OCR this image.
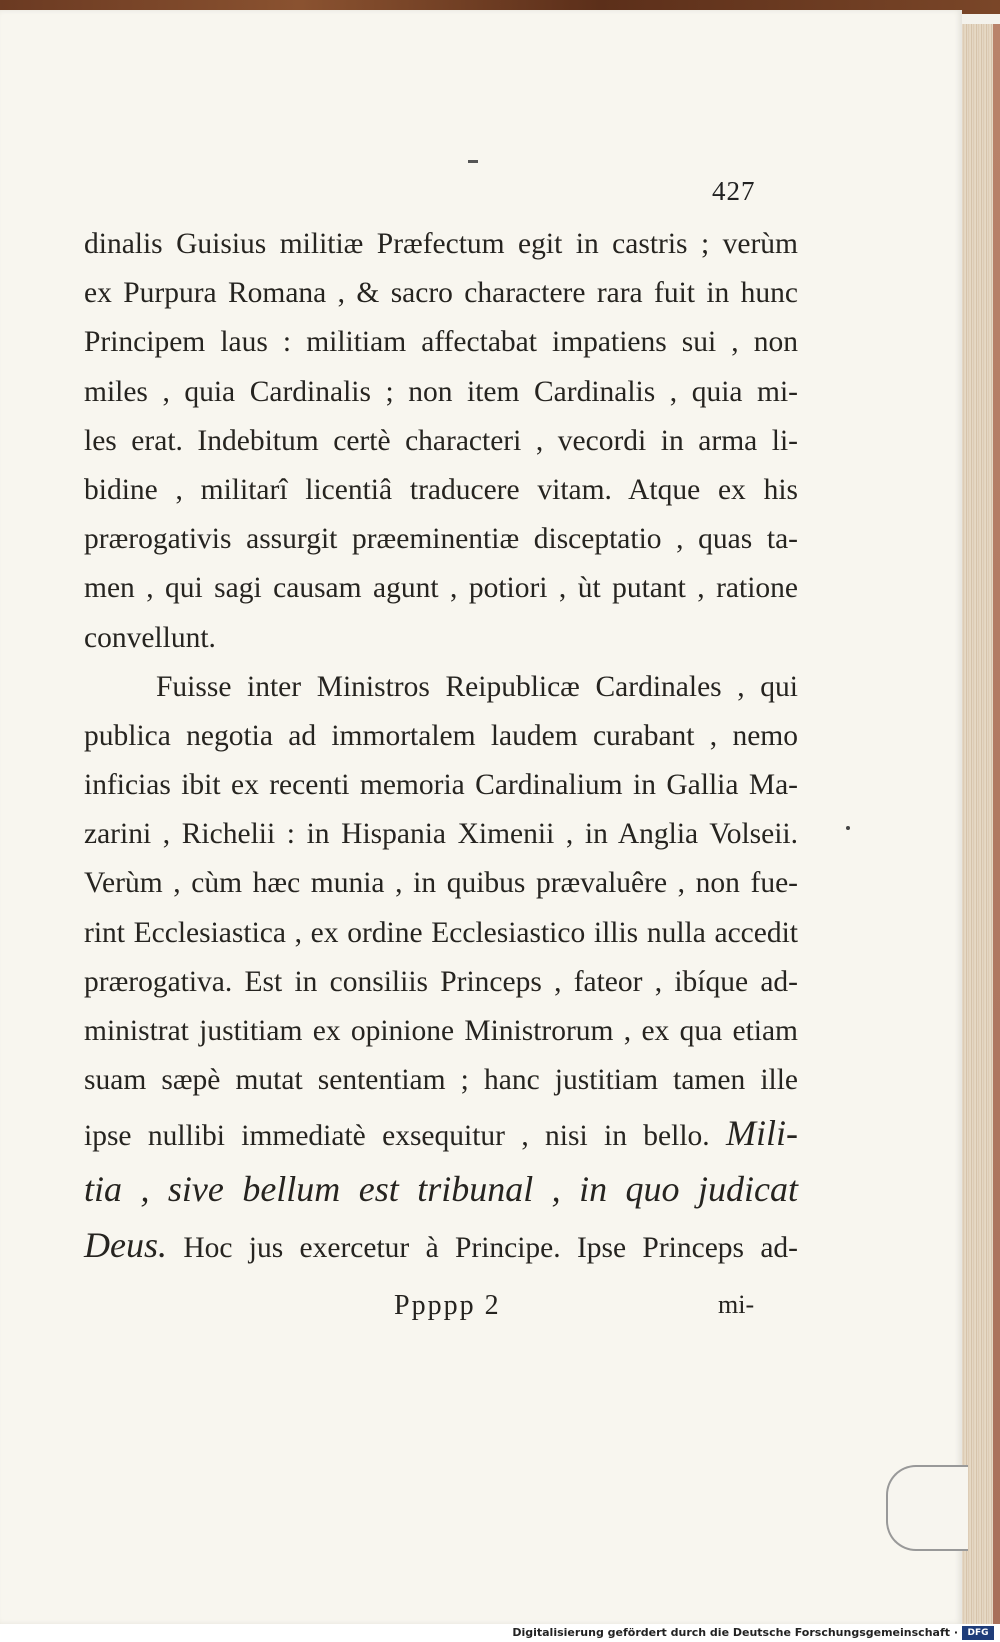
427
dinalis Guisius militiæ Præfectum egit in castris ; verùm
ex Purpura Romana , & sacro charactere rara fuit in hunc
Principem laus : militiam affectabat impatiens sui , non
miles , quia Cardinalis ; non item Cardinalis , quia mi-
les erat. Indebitum certè characteri , vecordi in arma li-
bidine , militarî licentiâ traducere vitam. Atque ex his
prærogativis assurgit præeminentiæ disceptatio , quas ta-
men , qui sagi causam agunt , potiori , ùt putant , ratione
convellunt.
Fuisse inter Ministros Reipublicæ Cardinales , qui
publica negotia ad immortalem laudem curabant , nemo
inficias ibit ex recenti memoria Cardinalium in Gallia Ma-
zarini , Richelii : in Hispania Ximenii , in Anglia Volseii.
Verùm , cùm hæc munia , in quibus prævaluêre , non fue-
rint Ecclesiastica , ex ordine Ecclesiastico illis nulla accedit
prærogativa. Est in consiliis Princeps , fateor , ibíque ad-
ministrat justitiam ex opinione Ministrorum , ex qua etiam
suam sæpè mutat sententiam ; hanc justitiam tamen ille
ipse nullibi immediatè exsequitur , nisi in bello. Mili-
tia , sive bellum est tribunal , in quo judicat
Deus. Hoc jus exercetur à Principe. Ipse Princeps ad-
Ppppp 2	mi-
Digitalisierung gefördert durch die Deutsche Forschungsgemeinschaft ·	DFG
